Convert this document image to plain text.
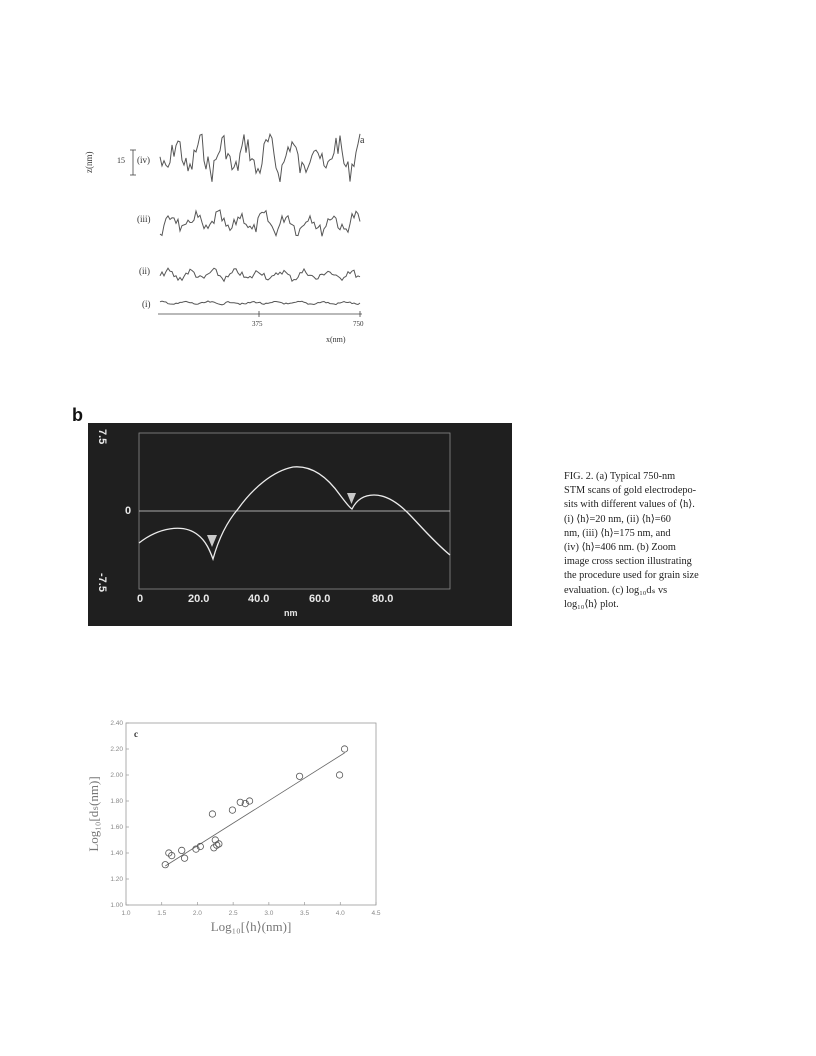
a
z(nm)	15 (iv)
(iii)
(ii)
(i)
375	750
x(nm)
b
7.5
0
-7.5
0	20.0	40.0	60.0	80.0
nm
FIG. 2. (a) Typical 750-nm
STM scans of gold electrodepo-
sits with different values of ⟨h⟩.
(i) ⟨h⟩=20 nm, (ii) ⟨h⟩=60
nm, (iii) ⟨h⟩=175 nm, and
(iv) ⟨h⟩=406 nm. (b) Zoom
image cross section illustrating
the procedure used for grain size
evaluation. (c) log₁₀dₛ vs
log₁₀⟨h⟩ plot.
1.0	1.5	2.0	2.5	3.0	3.5	4.0	4.5
1.00
1.20
1.40
1.60
1.80
2.00
2.20
2.40
c
Log₁₀[⟨h⟩(nm)]
Log₁₀[dₛ(nm)]
